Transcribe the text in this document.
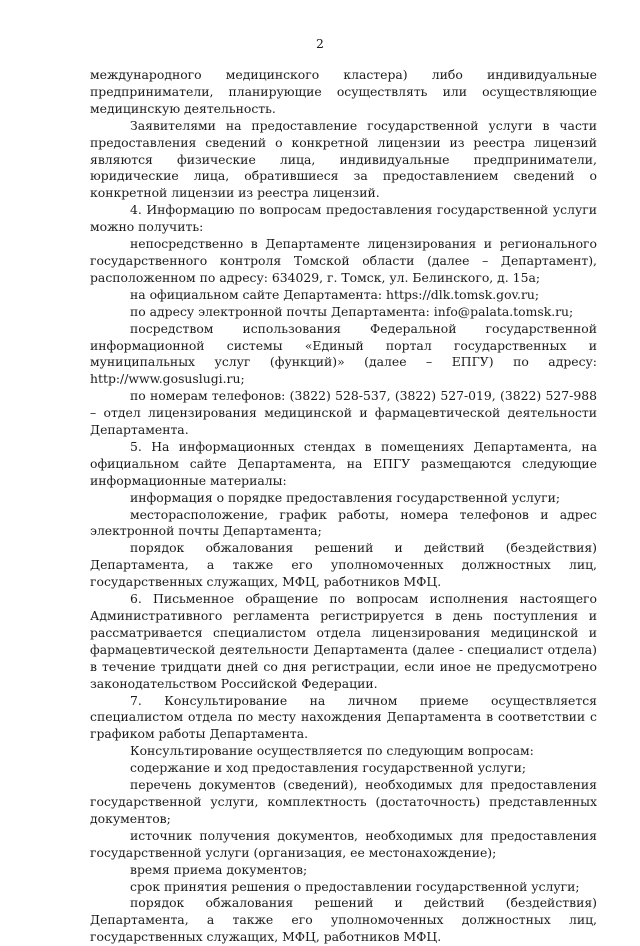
2

международного медицинского кластера) либо индивидуальные предприниматели, планирующие осуществлять или осуществляющие медицинскую деятельность.

Заявителями на предоставление государственной услуги в части предоставления сведений о конкретной лицензии из реестра лицензий являются физические лица, индивидуальные предприниматели, юридические лица, обратившиеся за предоставлением сведений о конкретной лицензии из реестра лицензий.

4. Информацию по вопросам предоставления государственной услуги можно получить:

непосредственно в Департаменте лицензирования и регионального государственного контроля Томской области (далее – Департамент), расположенном по адресу: 634029, г. Томск, ул. Белинского, д. 15а;

на официальном сайте Департамента: https://dlk.tomsk.gov.ru;

по адресу электронной почты Департамента: info@palata.tomsk.ru;

посредством использования Федеральной государственной информационной системы «Единый портал государственных и муниципальных услуг (функций)» (далее – ЕПГУ) по адресу: http://www.gosuslugi.ru;

по номерам телефонов: (3822) 528-537, (3822) 527-019, (3822) 527-988 – отдел лицензирования медицинской и фармацевтической деятельности Департамента.

5. На информационных стендах в помещениях Департамента, на официальном сайте Департамента, на ЕПГУ размещаются следующие информационные материалы:

информация о порядке предоставления государственной услуги;

месторасположение, график работы, номера телефонов и адрес электронной почты Департамента;

порядок обжалования решений и действий (бездействия) Департамента, а также его уполномоченных должностных лиц, государственных служащих, МФЦ, работников МФЦ.

6. Письменное обращение по вопросам исполнения настоящего Административного регламента регистрируется в день поступления и рассматривается специалистом отдела лицензирования медицинской и фармацевтической деятельности Департамента (далее - специалист отдела) в течение тридцати дней со дня регистрации, если иное не предусмотрено законодательством Российской Федерации.

7. Консультирование на личном приеме осуществляется специалистом отдела по месту нахождения Департамента в соответствии с графиком работы Департамента.

Консультирование осуществляется по следующим вопросам:

содержание и ход предоставления государственной услуги;

перечень документов (сведений), необходимых для предоставления государственной услуги, комплектность (достаточность) представленных документов;

источник получения документов, необходимых для предоставления государственной услуги (организация, ее местонахождение);

время приема документов;

срок принятия решения о предоставлении государственной услуги;

порядок обжалования решений и действий (бездействия) Департамента, а также его уполномоченных должностных лиц, государственных служащих, МФЦ, работников МФЦ.
